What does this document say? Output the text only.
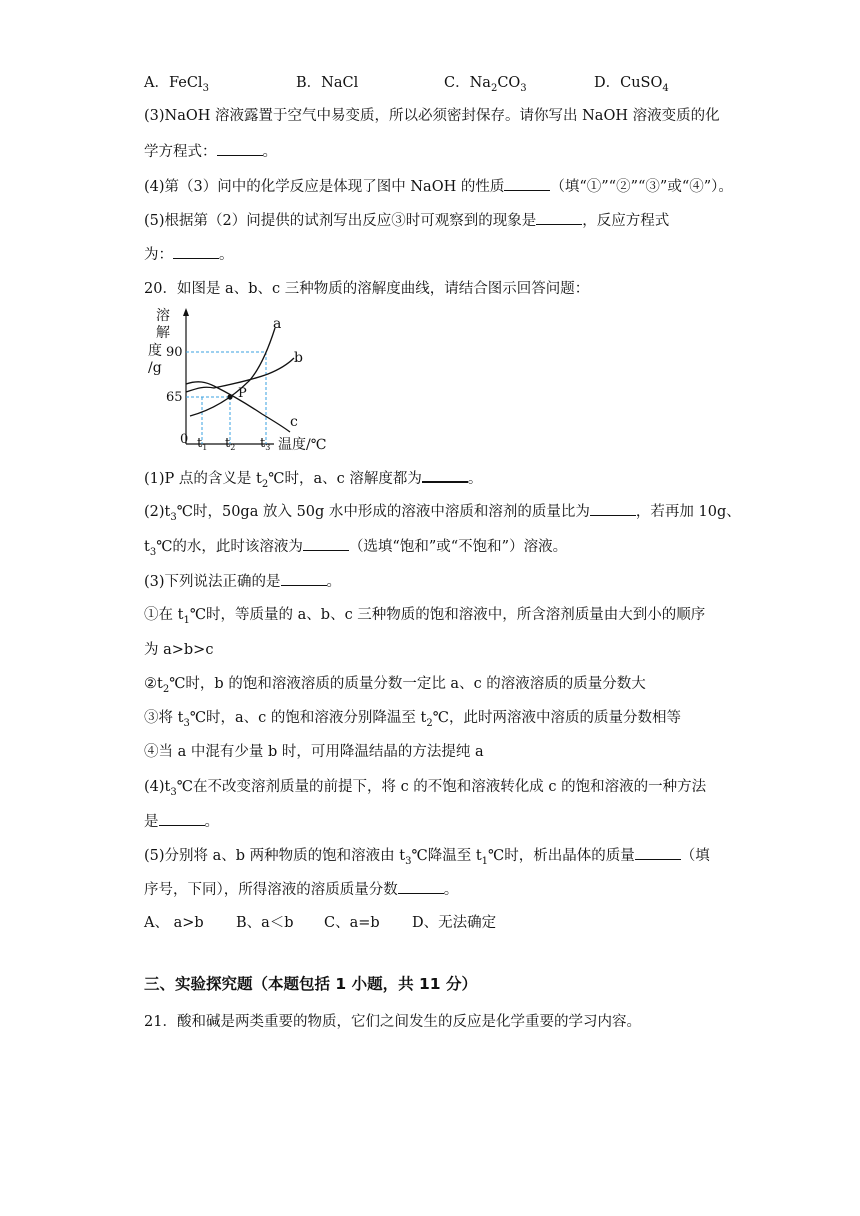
A．FeCl$_3$	B．NaCl	C．$Na_2CO_3$	D．CuSO$_4$
(3)NaOH 溶液露置于空气中易变质，所以必须密封保存。请你写出 NaOH 溶液变质的化
学方程式：	。
(4)第（3）问中的化学反应是体现了图中 NaOH 的性质	（填“①”“②”“③”或“④”）。
(5)根据第（2）问提供的试剂写出反应③时可观察到的现象是	，反应方程式
为：	。
20．如图是 a、b、c 三种物质的溶解度曲线，请结合图示回答问题：
溶
解
度
/g
90
65	P
a
b
c
0 $t_1$ $t_2$ $t_3$ 温度/℃
(1)P 点的含义是 $t_2℃$时，a、c 溶解度都为	。
$(2)t_3℃$时，50ga 放入 50g 水中形成的溶液中溶质和溶剂的质量比为	，若再加 10g、
$t_3℃$的水，此时该溶液为	（选填“饱和”或“不饱和”）溶液。
(3)下列说法正确的是	。
①在 $t_1℃$时，等质量的 a、b、c 三种物质的饱和溶液中，所含溶剂质量由大到小的顺序
为 a>b>c
$②t_2℃$时，b 的饱和溶液溶质的质量分数一定比 a、c 的溶液溶质的质量分数大
③将 $t_3℃$时，a、c 的饱和溶液分别降温至 $t_2℃$，此时两溶液中溶质的质量分数相等
④当 a 中混有少量 b 时，可用降温结晶的方法提纯 a
$(4)t_3℃$在不改变溶剂质量的前提下，将 c 的不饱和溶液转化成 c 的饱和溶液的一种方法
是	。
(5)分别将 a、b 两种物质的饱和溶液由 $t_3℃$降温至 $t_1℃$时，析出晶体的质量	（填
序号，下同），所得溶液的溶质质量分数	。
A、 a>b B、a＜b C、a=b D、无法确定
三、实验探究题（本题包括 1 小题，共 11 分）
21．酸和碱是两类重要的物质，它们之间发生的反应是化学重要的学习内容。
